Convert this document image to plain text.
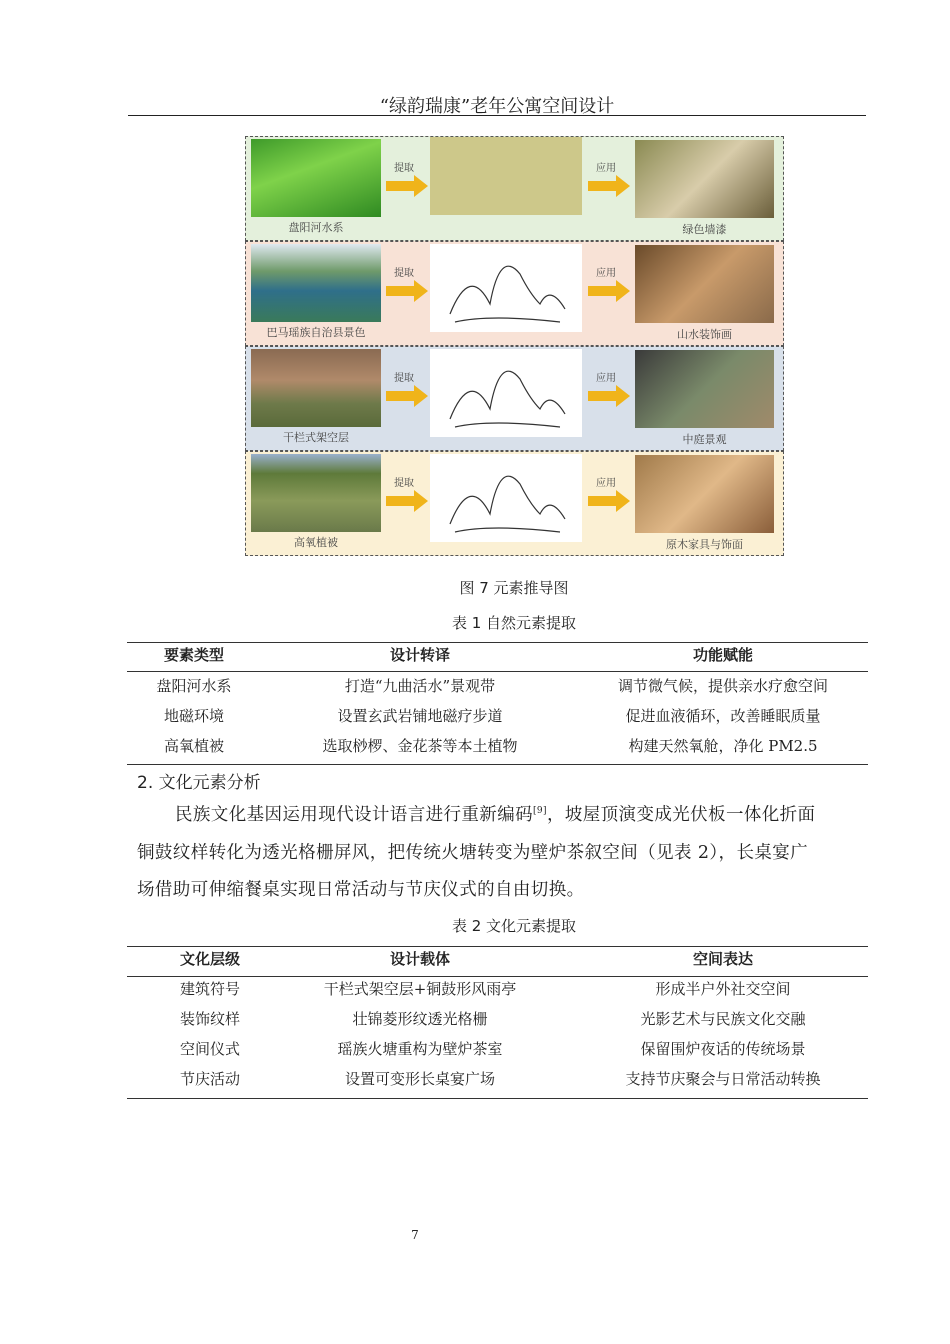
“绿韵瑞康”老年公寓空间设计
盘阳河水系
提取	应用
绿色墙漆
巴马瑶族自治县景色
提取	应用
山水装饰画
干栏式架空层
提取	应用
中庭景观
高氧植被
提取	应用
原木家具与饰面
图 7 元素推导图
表 1 自然元素提取
要素类型	设计转译	功能赋能
盘阳河水系	打造“九曲活水”景观带	调节微气候，提供亲水疗愈空间
地磁环境	设置玄武岩铺地磁疗步道	促进血液循环，改善睡眠质量
高氧植被	选取桫椤、金花茶等本土植物	构建天然氧舱，净化 PM2.5
2. 文化元素分析
民族文化基因运用现代设计语言进行重新编码[9]，坡屋顶演变成光伏板一体化折面
铜鼓纹样转化为透光格栅屏风，把传统火塘转变为壁炉茶叙空间（见表 2），长桌宴广
场借助可伸缩餐桌实现日常活动与节庆仪式的自由切换。
表 2 文化元素提取
文化层级	设计载体	空间表达
建筑符号	干栏式架空层+铜鼓形风雨亭	形成半户外社交空间
装饰纹样	壮锦菱形纹透光格栅	光影艺术与民族文化交融
空间仪式	瑶族火塘重构为壁炉茶室	保留围炉夜话的传统场景
节庆活动	设置可变形长桌宴广场	支持节庆聚会与日常活动转换
7
